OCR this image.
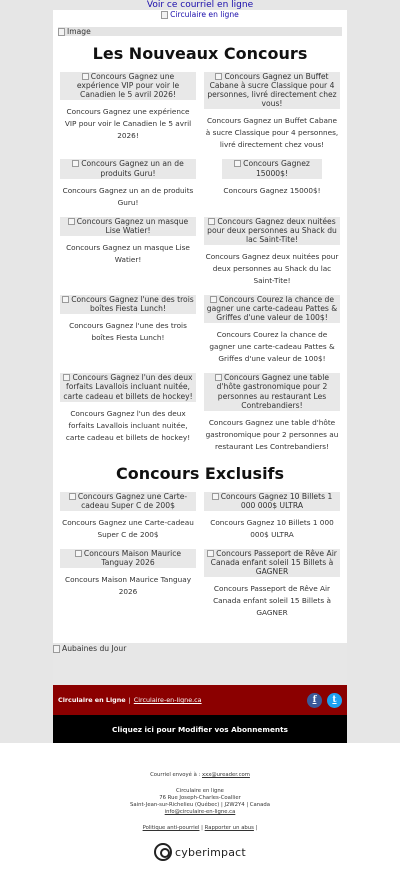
Voir ce courriel en ligne
Circulaire en ligne
Image
Les Nouveaux Concours
Concours Gagnez une expérience VIP pour voir le Canadien le 5 avril 2026!

Concours Gagnez une expérience VIP pour voir le Canadien le 5 avril 2026!

Concours Gagnez un Buffet Cabane à sucre Classique pour 4 personnes, livré directement chez vous!

Concours Gagnez un Buffet Cabane à sucre Classique pour 4 personnes, livré directement chez vous!

Concours Gagnez un an de produits Guru!

Concours Gagnez un an de produits Guru!

Concours Gagnez 15000$!

Concours Gagnez 15000$!

Concours Gagnez un masque Lise Watier!

Concours Gagnez un masque Lise Watier!

Concours Gagnez deux nuitées pour deux personnes au Shack du lac Saint-Tite!

Concours Gagnez deux nuitées pour deux personnes au Shack du lac Saint-Tite!

Concours Gagnez l'une des trois boîtes Fiesta Lunch!

Concours Gagnez l'une des trois boîtes Fiesta Lunch!

Concours Courez la chance de gagner une carte-cadeau Pattes & Griffes d'une valeur de 100$!

Concours Courez la chance de gagner une carte-cadeau Pattes & Griffes d'une valeur de 100$!

Concours Gagnez l'un des deux forfaits Lavallois incluant nuitée, carte cadeau et billets de hockey!

Concours Gagnez l'un des deux forfaits Lavallois incluant nuitée, carte cadeau et billets de hockey!

Concours Gagnez une table d'hôte gastronomique pour 2 personnes au restaurant Les Contrebandiers!

Concours Gagnez une table d'hôte gastronomique pour 2 personnes au restaurant Les Contrebandiers!

Concours Exclusifs
Concours Gagnez une Carte-cadeau Super C de 200$

Concours Gagnez une Carte-cadeau Super C de 200$

Concours Gagnez 10 Billets 1 000 000$ ULTRA

Concours Gagnez 10 Billets 1 000 000$ ULTRA

Concours Maison Maurice Tanguay 2026

Concours Maison Maurice Tanguay 2026

Concours Passeport de Rêve Air Canada enfant soleil 15 Billets à GAGNER

Concours Passeport de Rêve Air Canada enfant soleil 15 Billets à GAGNER

Aubaines du Jour
Circulaire en Ligne | Circulaire-en-ligne.ca	f	t
Cliquez ici pour Modifier vos Abonnements
Courriel envoyé à : xxx@ureader.com
Circulaire en ligne
76 Rue Joseph-Charles-Coallier
Saint-Jean-sur-Richelieu (Québec) | J2W2Y4 | Canada
info@circulaire-en-ligne.ca
Politique anti-pourriel | Rapporter un abus |
cyberimpact
